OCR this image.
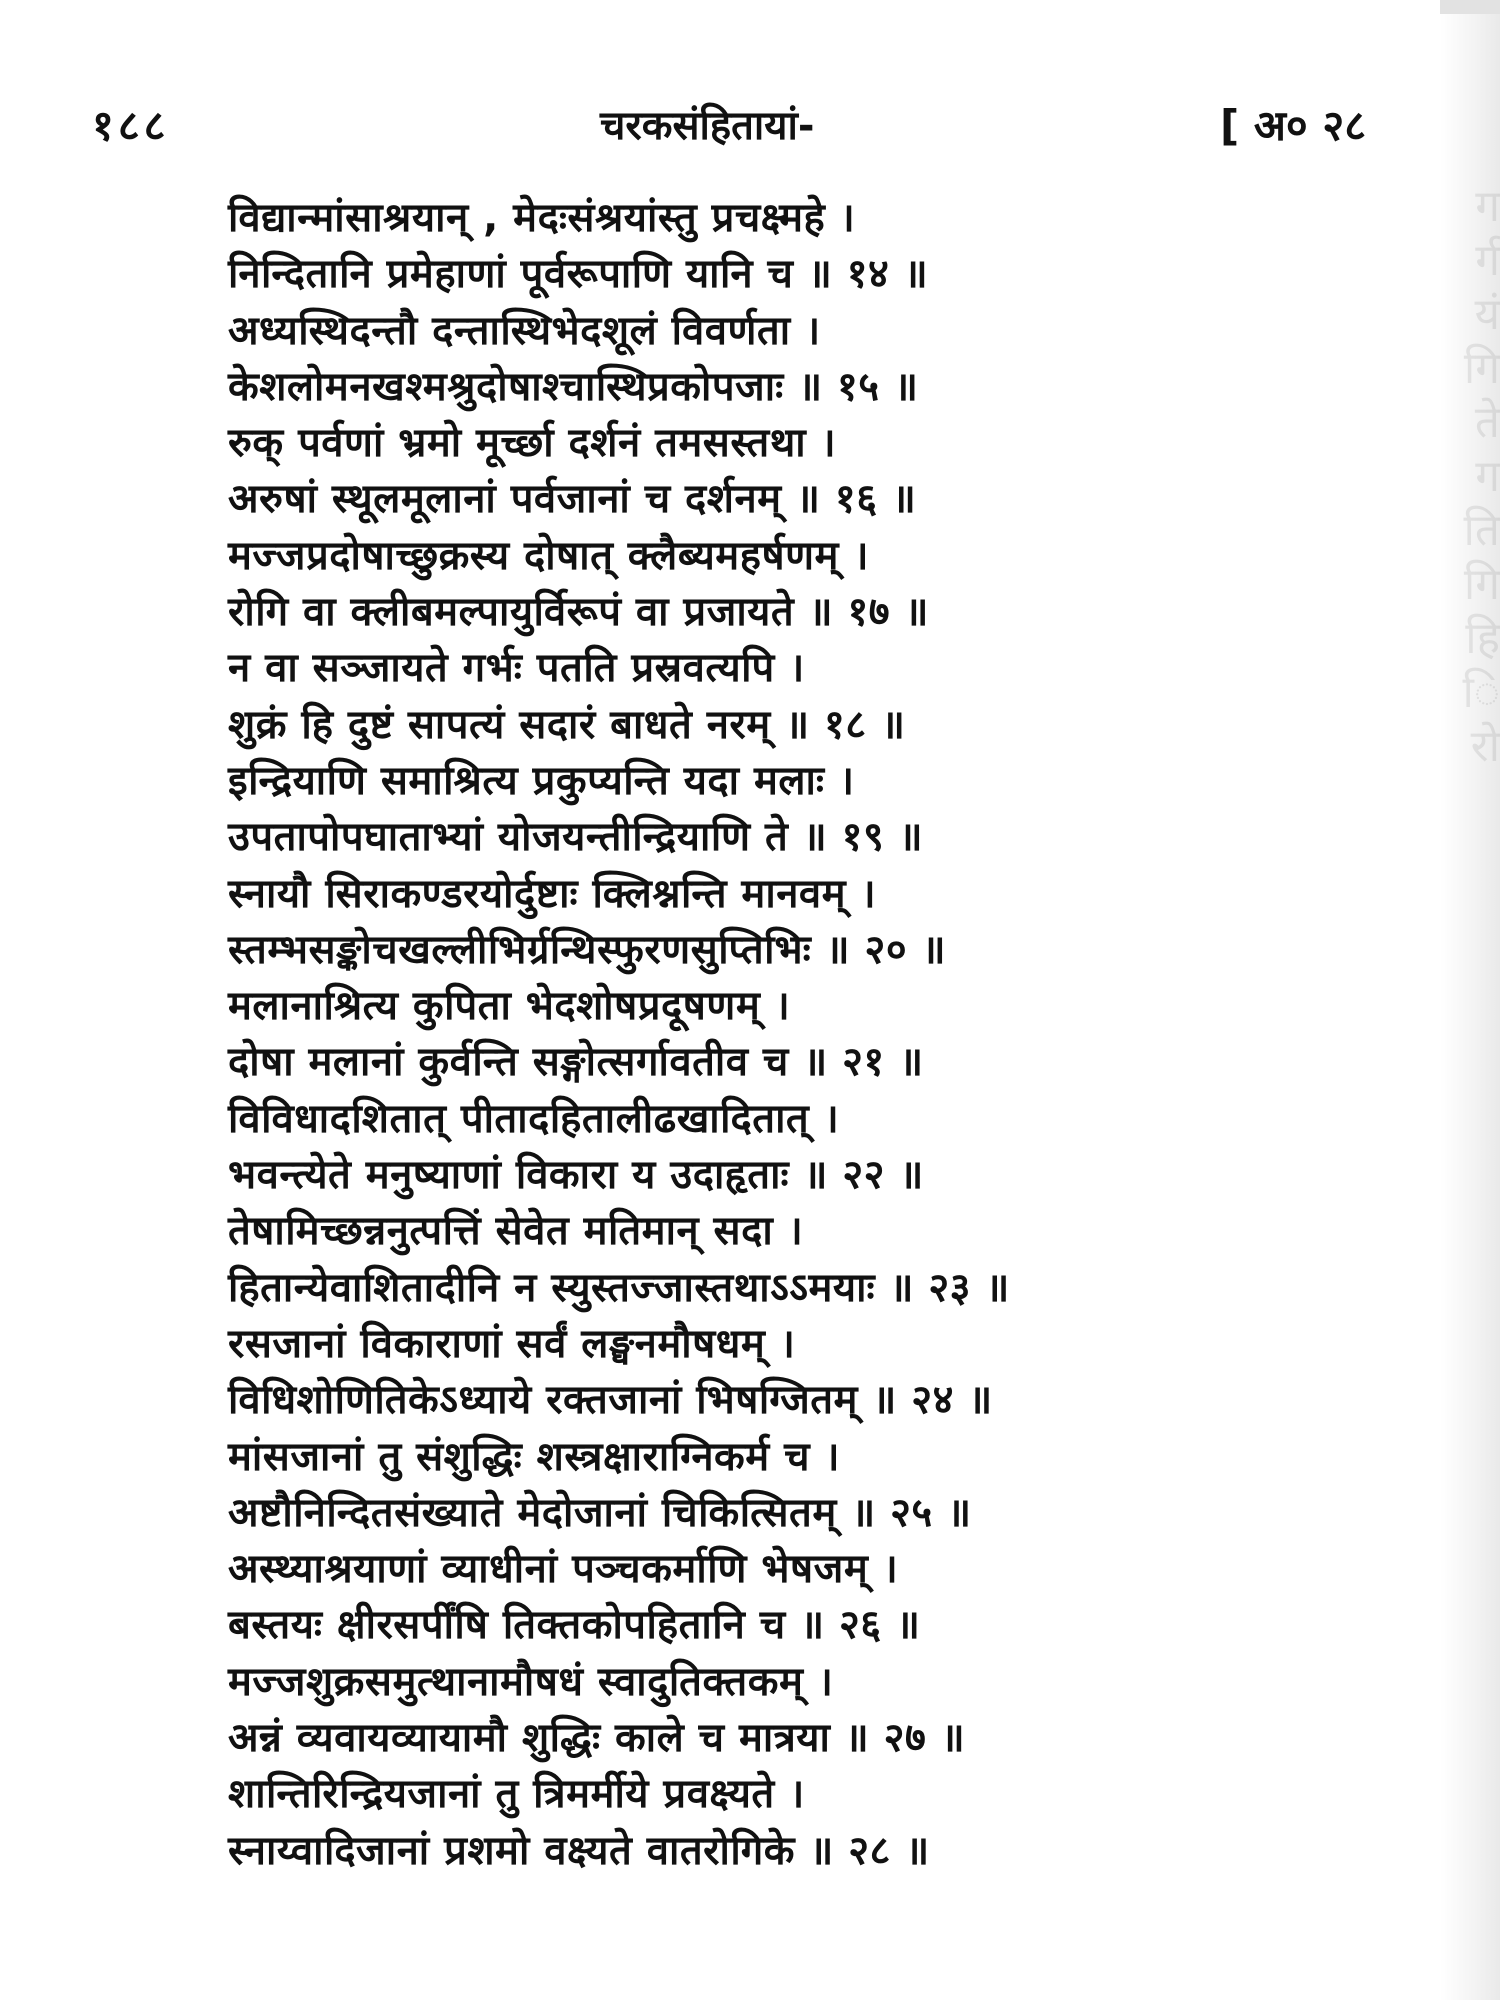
ग
र्ग
यं
गि
ते
ग
ति
गि
हि
ि
रो
१८८	चरकसंहितायां-	[ अ० २८
विद्यान्मांसाश्रयान् , मेदःसंश्रयांस्तु प्रचक्ष्महे ।
निन्दितानि प्रमेहाणां पूर्वरूपाणि यानि च ॥ १४ ॥
अध्यस्थिदन्तौ दन्तास्थिभेदशूलं विवर्णता ।
केशलोमनखश्मश्रुदोषाश्चास्थिप्रकोपजाः ॥ १५ ॥
रुक् पर्वणां भ्रमो मूर्च्छा दर्शनं तमसस्तथा ।
अरुषां स्थूलमूलानां पर्वजानां च दर्शनम् ॥ १६ ॥
मज्जप्रदोषाच्छुक्रस्य दोषात् क्लैब्यमहर्षणम् ।
रोगि वा क्लीबमल्पायुर्विरूपं वा प्रजायते ॥ १७ ॥
न वा सञ्जायते गर्भः पतति प्रस्रवत्यपि ।
शुक्रं हि दुष्टं सापत्यं सदारं बाधते नरम् ॥ १८ ॥
इन्द्रियाणि समाश्रित्य प्रकुप्यन्ति यदा मलाः ।
उपतापोपघाताभ्यां योजयन्तीन्द्रियाणि ते ॥ १९ ॥
स्नायौ सिराकण्डरयोर्दुष्टाः क्लिश्नन्ति मानवम् ।
स्तम्भसङ्कोचखल्लीभिर्ग्रन्थिस्फुरणसुप्तिभिः ॥ २० ॥
मलानाश्रित्य कुपिता भेदशोषप्रदूषणम् ।
दोषा मलानां कुर्वन्ति सङ्गोत्सर्गावतीव च ॥ २१ ॥
विविधादशितात् पीतादहितालीढखादितात् ।
भवन्त्येते मनुष्याणां विकारा य उदाहृताः ॥ २२ ॥
तेषामिच्छन्ननुत्पत्तिं सेवेत मतिमान् सदा ।
हितान्येवाशितादीनि न स्युस्तज्जास्तथाऽऽमयाः ॥ २३ ॥
रसजानां विकाराणां सर्वं लङ्घनमौषधम् ।
विधिशोणितिकेऽध्याये रक्तजानां भिषग्जितम् ॥ २४ ॥
मांसजानां तु संशुद्धिः शस्त्रक्षाराग्निकर्म च ।
अष्टौनिन्दितसंख्याते मेदोजानां चिकित्सितम् ॥ २५ ॥
अस्थ्याश्रयाणां व्याधीनां पञ्चकर्माणि भेषजम् ।
बस्तयः क्षीरसर्पींषि तिक्तकोपहितानि च ॥ २६ ॥
मज्जशुक्रसमुत्थानामौषधं स्वादुतिक्तकम् ।
अन्नं व्यवायव्यायामौ शुद्धिः काले च मात्रया ॥ २७ ॥
शान्तिरिन्द्रियजानां तु त्रिमर्मीये प्रवक्ष्यते ।
स्नाय्वादिजानां प्रशमो वक्ष्यते वातरोगिके ॥ २८ ॥
